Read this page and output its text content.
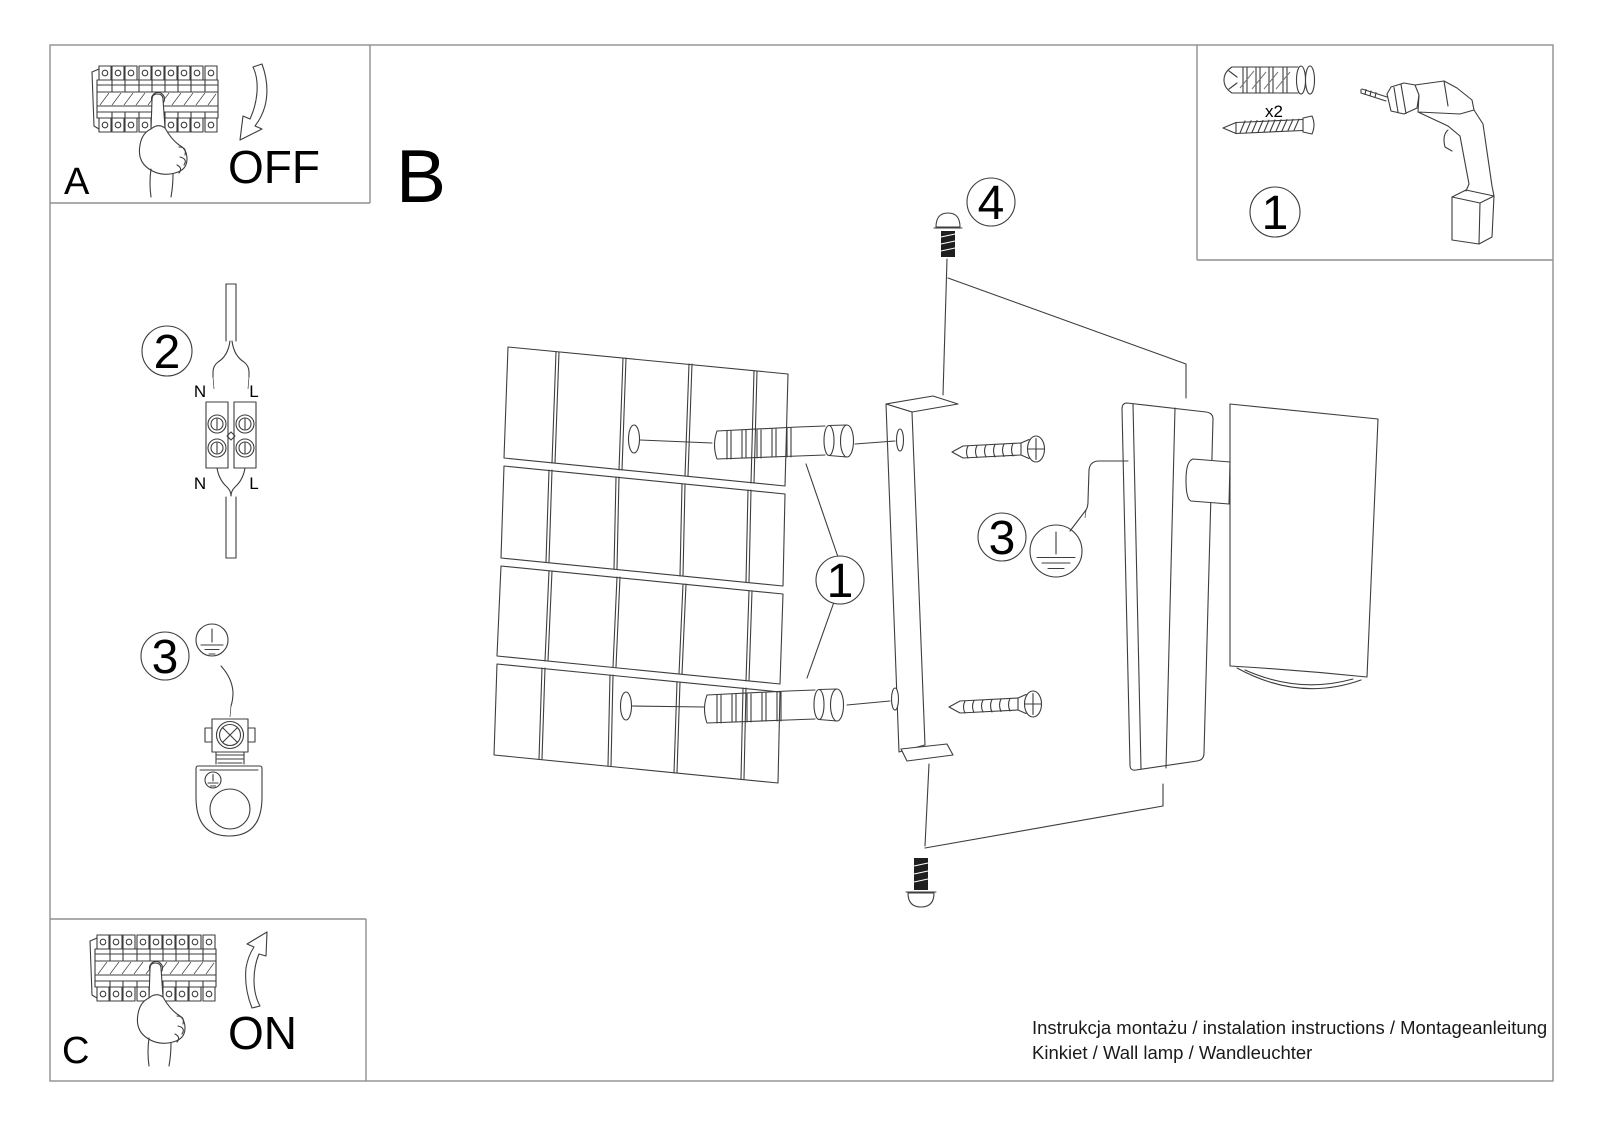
B
A	OFF
C	ON
x2
1
2
N	L
N	L
3
1
3
4
Instrukcja montażu / instalation instructions / Montageanleitung
Kinkiet / Wall lamp / Wandleuchter
